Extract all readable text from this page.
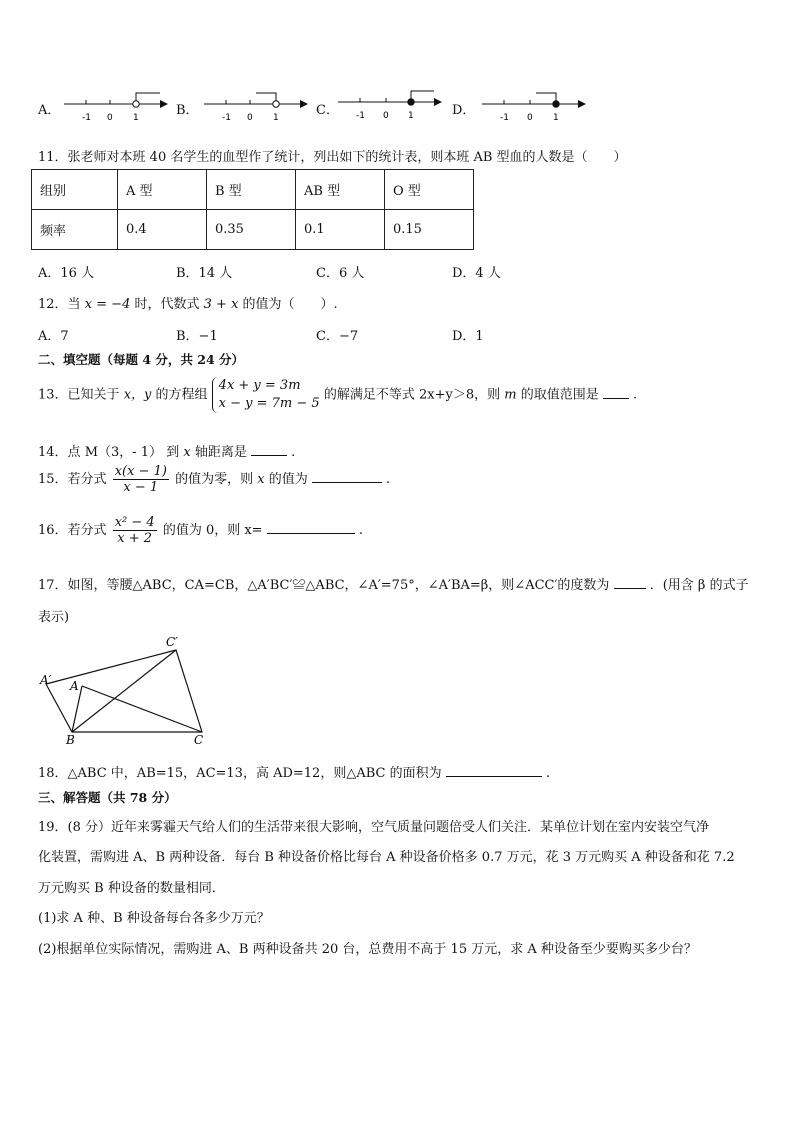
A． -1 0 1	B．	-1 0 1	C． -1 0 1	D．	-1 0 1
11．张老师对本班 40 名学生的血型作了统计，列出如下的统计表，则本班 AB 型血的人数是（　　）
组别	A 型	B 型	AB 型	O 型
频率	0.4	0.35	0.1	0.15
A．16 人	B．14 人	C．6 人	D．4 人
12．当 x = −4 时，代数式 3 + x 的值为（　　）.
A．7	B．−1	C．−7	D．1
二、填空题（每题 4 分，共 24 分）
13．已知关于 x，y 的方程组
4x + y = 3m
x − y = 7m − 5
的解满足不等式 2x+y＞8，则 m 的取值范围是	.
14．点 M（3，- 1） 到 x 轴距离是	.
15．若分式 $\frac{x(x - 1)}{x - 1}$ 的值为零，则 x 的值为	.
16．若分式 $\frac{\text{x² − 4}}{x + 2}$ 的值为 0，则 x=	.
17．如图，等腰△ABC，CA=CB，△A′BC′≌△ABC，∠A′=75°，∠A′BA=β，则∠ACC′的度数为	．(用含 β 的式子
表示)
C′
A′ A
B	C
18．△ABC 中，AB=15，AC=13，高 AD=12，则△ABC 的面积为	.
三、解答题（共 78 分）
19．(8 分）近年来雾霾天气给人们的生活带来很大影响，空气质量问题倍受人们关注．某单位计划在室内安装空气净
化装置，需购进 A、B 两种设备．每台 B 种设备价格比每台 A 种设备价格多 0.7 万元，花 3 万元购买 A 种设备和花 7.2
万元购买 B 种设备的数量相同．
(1)求 A 种、B 种设备每台各多少万元？
(2)根据单位实际情况，需购进 A、B 两种设备共 20 台，总费用不高于 15 万元，求 A 种设备至少要购买多少台？
